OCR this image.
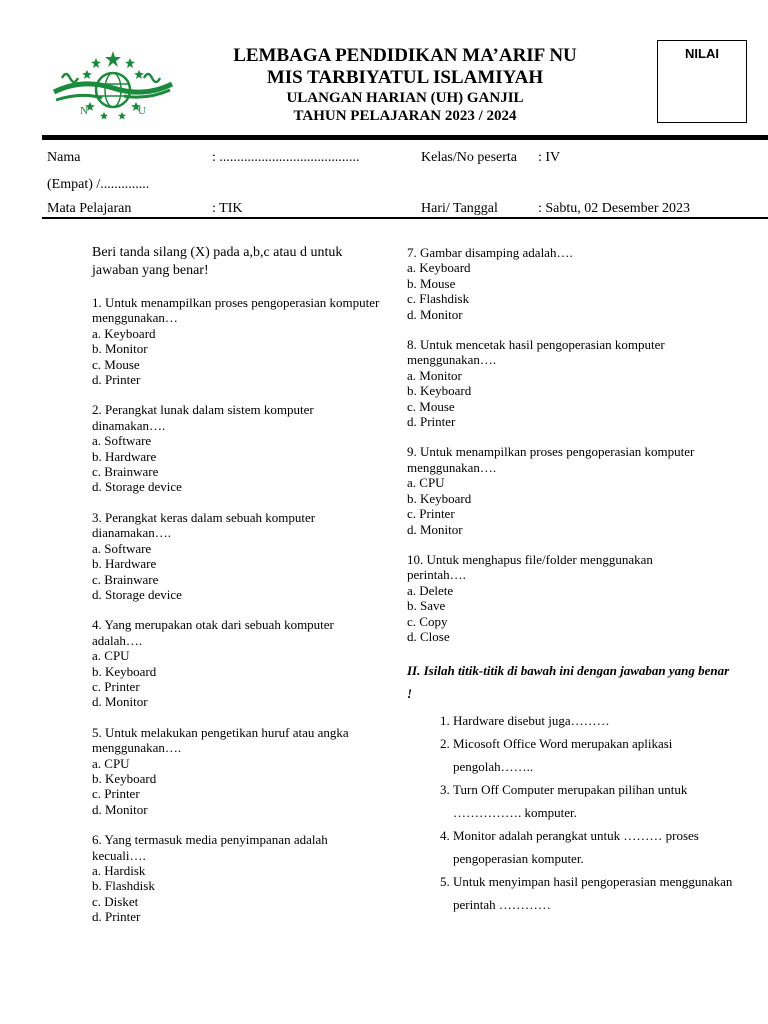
N	U
LEMBAGA PENDIDIKAN MA’ARIF NU
MIS TARBIYATUL ISLAMIYAH
ULANGAN HARIAN (UH) GANJIL
TAHUN PELAJARAN 2023 / 2024
NILAI
Nama	: ........................................	Kelas/No peserta : IV
(Empat) /..............
Mata Pelajaran	: TIK	Hari/ Tanggal	: Sabtu, 02 Desember 2023
Beri tanda silang (X) pada a,b,c atau d untuk jawaban yang benar!
1. Untuk menampilkan proses pengoperasian komputer menggunakan…
a. Keyboard
b. Monitor
c. Mouse
d. Printer
2. Perangkat lunak dalam sistem komputer dinamakan….
a. Software
b. Hardware
c. Brainware
d. Storage device
3. Perangkat keras dalam sebuah komputer dianamakan….
a. Software
b. Hardware
c. Brainware
d. Storage device
4. Yang merupakan otak dari sebuah komputer adalah….
a. CPU
b. Keyboard
c. Printer
d. Monitor
5. Untuk melakukan pengetikan huruf atau angka menggunakan….
a. CPU
b. Keyboard
c. Printer
d. Monitor
6. Yang termasuk media penyimpanan adalah kecuali….
a. Hardisk
b. Flashdisk
c. Disket
d. Printer
7. Gambar disamping adalah….
a. Keyboard
b. Mouse
c. Flashdisk
d. Monitor
8. Untuk mencetak hasil pengoperasian komputer menggunakan….
a. Monitor
b. Keyboard
c. Mouse
d. Printer
9. Untuk menampilkan proses pengoperasian komputer menggunakan….
a. CPU
b. Keyboard
c. Printer
d. Monitor
10. Untuk menghapus file/folder menggunakan perintah….
a. Delete
b. Save
c. Copy
d. Close
II. Isilah titik-titik di bawah ini dengan jawaban yang benar !
1. Hardware disebut juga………
2. Micosoft Office Word merupakan aplikasi pengolah……..
3. Turn Off Computer merupakan pilihan untuk ……………. komputer.
4. Monitor adalah perangkat untuk ……… proses pengoperasian komputer.
5. Untuk menyimpan hasil pengoperasian menggunakan perintah …………
